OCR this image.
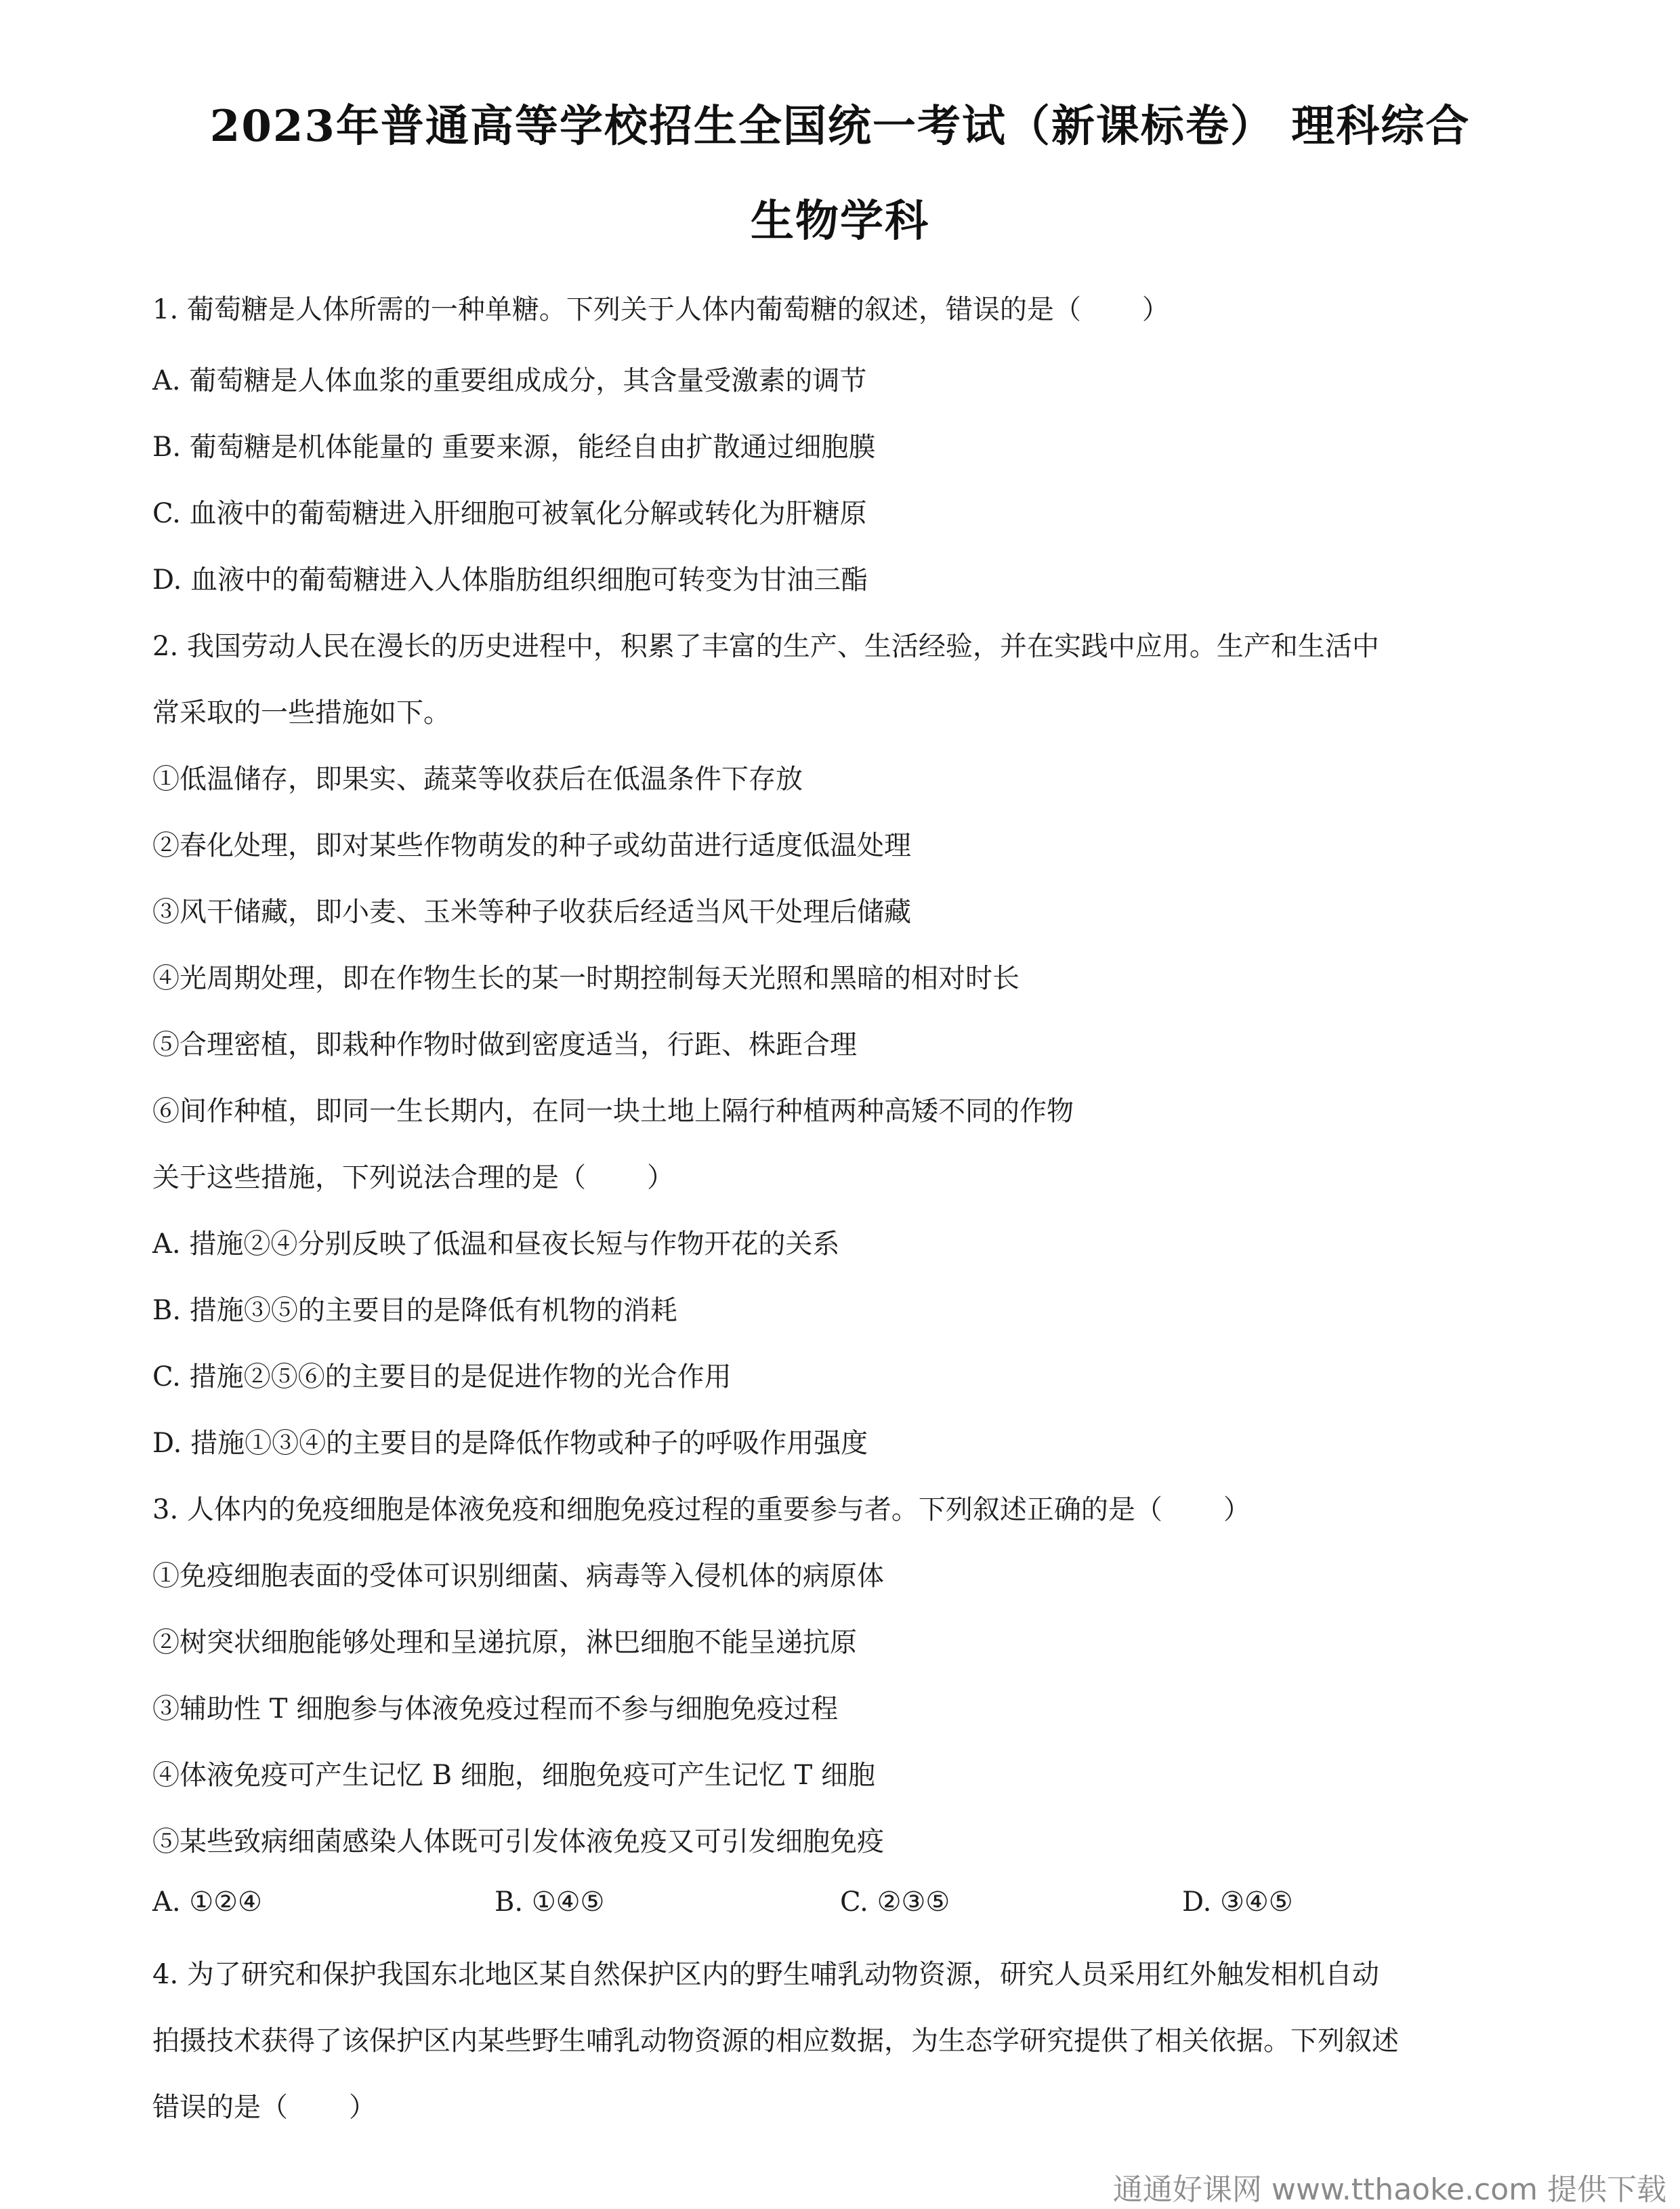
2023年普通高等学校招生全国统一考试（新课标卷） 理科综合
生物学科
1. 葡萄糖是人体所需的一种单糖。下列关于人体内葡萄糖的叙述，错误的是（ ）
A. 葡萄糖是人体血浆的重要组成成分，其含量受激素的调节
B. 葡萄糖是机体能量的 重要来源，能经自由扩散通过细胞膜
C. 血液中的葡萄糖进入肝细胞可被氧化分解或转化为肝糖原
D. 血液中的葡萄糖进入人体脂肪组织细胞可转变为甘油三酯
2. 我国劳动人民在漫长的历史进程中，积累了丰富的生产、生活经验，并在实践中应用。生产和生活中
常采取的一些措施如下。
①低温储存，即果实、蔬菜等收获后在低温条件下存放
②春化处理，即对某些作物萌发的种子或幼苗进行适度低温处理
③风干储藏，即小麦、玉米等种子收获后经适当风干处理后储藏
④光周期处理，即在作物生长的某一时期控制每天光照和黑暗的相对时长
⑤合理密植，即栽种作物时做到密度适当，行距、株距合理
⑥间作种植，即同一生长期内，在同一块土地上隔行种植两种高矮不同的作物
关于这些措施，下列说法合理的是（ ）
A. 措施②④分别反映了低温和昼夜长短与作物开花的关系
B. 措施③⑤的主要目的是降低有机物的消耗
C. 措施②⑤⑥的主要目的是促进作物的光合作用
D. 措施①③④的主要目的是降低作物或种子的呼吸作用强度
3. 人体内的免疫细胞是体液免疫和细胞免疫过程的重要参与者。下列叙述正确的是（ ）
①免疫细胞表面的受体可识别细菌、病毒等入侵机体的病原体
②树突状细胞能够处理和呈递抗原，淋巴细胞不能呈递抗原
③辅助性 T 细胞参与体液免疫过程而不参与细胞免疫过程
④体液免疫可产生记忆 B 细胞，细胞免疫可产生记忆 T 细胞
⑤某些致病细菌感染人体既可引发体液免疫又可引发细胞免疫
A. ①②④	B. ①④⑤	C. ②③⑤	D. ③④⑤
4. 为了研究和保护我国东北地区某自然保护区内的野生哺乳动物资源，研究人员采用红外触发相机自动
拍摄技术获得了该保护区内某些野生哺乳动物资源的相应数据，为生态学研究提供了相关依据。下列叙述
错误的是（ ）
通通好课网 www.tthaoke.com 提供下载
